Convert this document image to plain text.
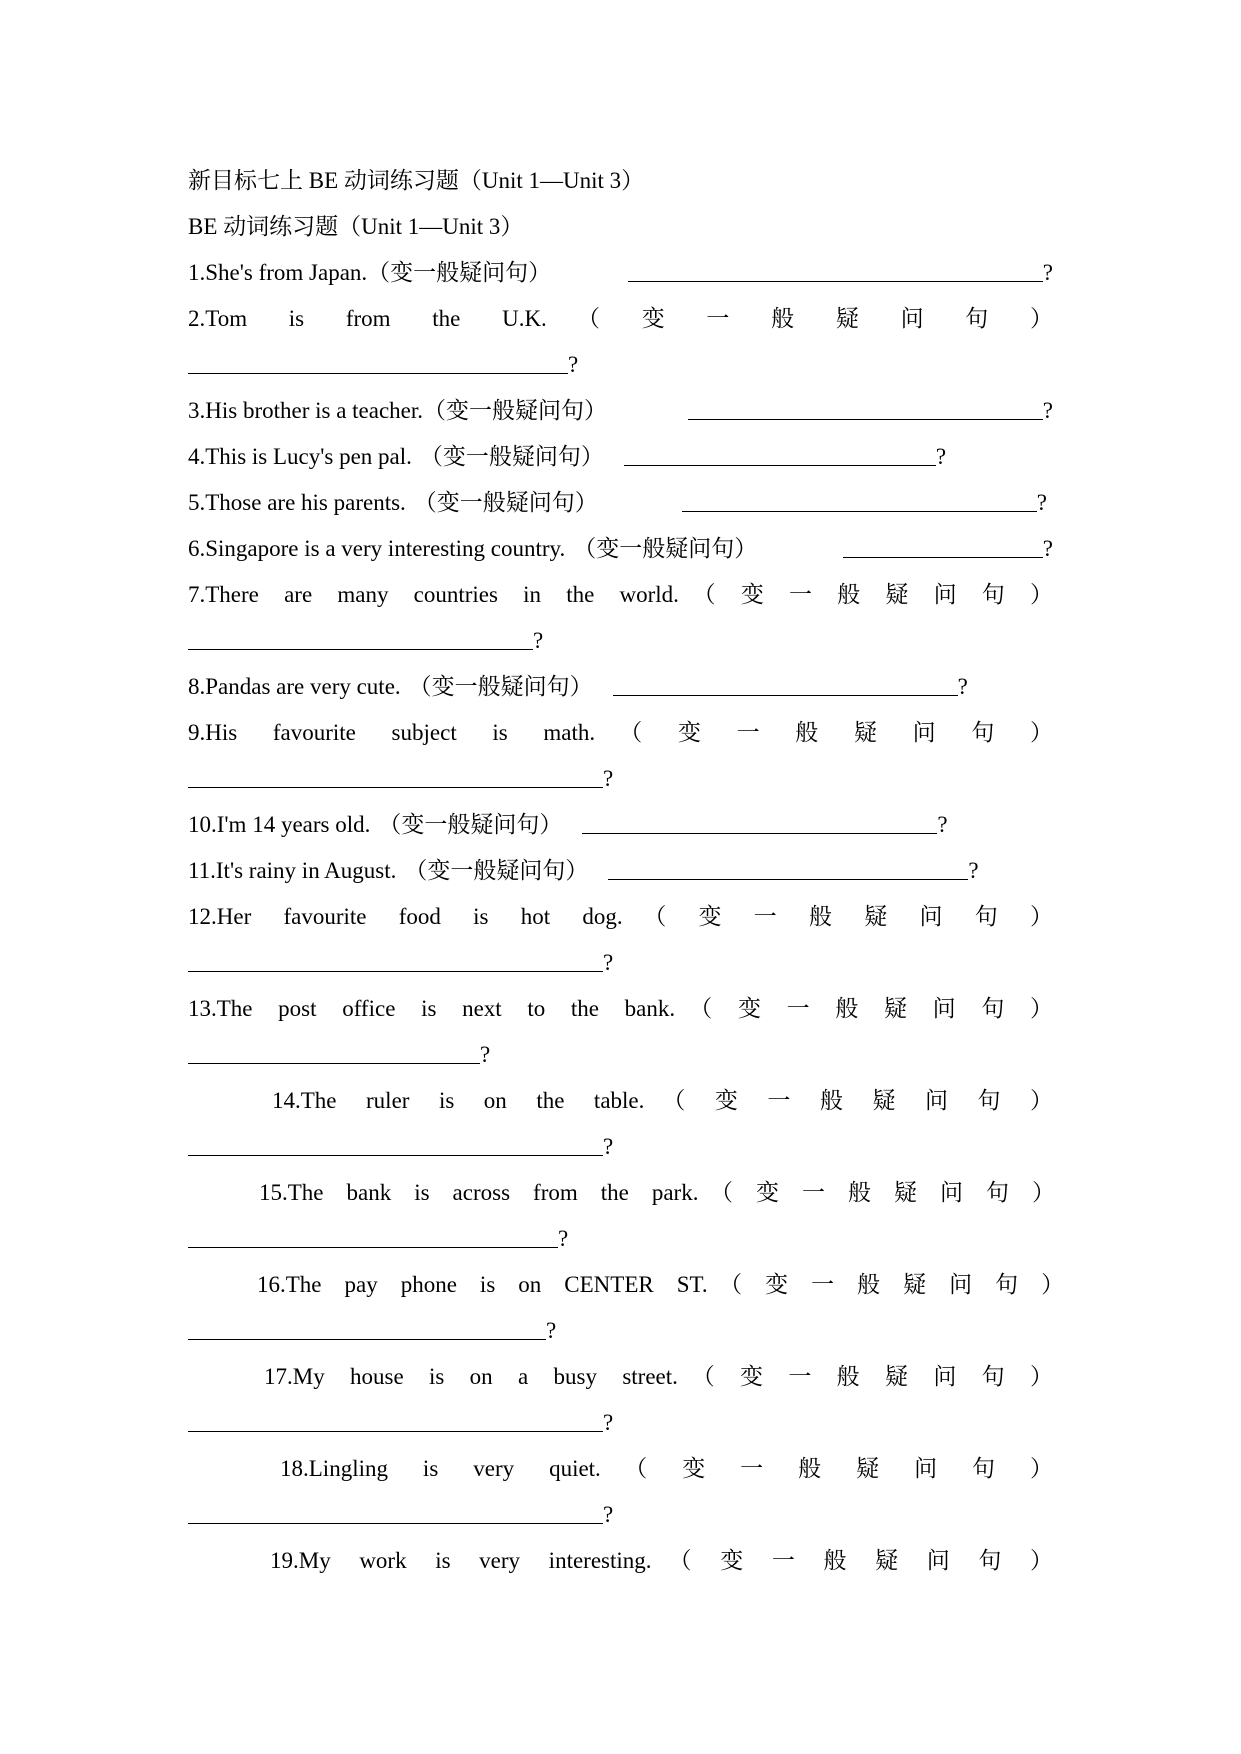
新目标七上 BE 动词练习题（Unit 1—Unit 3）
BE 动词练习题（Unit 1—Unit 3）
1.She's from Japan. （变一般疑问句）	?
2.Tom　is　from　the　U.K.　（　变　一　般　疑　问　句　）
?
3.His brother is a teacher. （变一般疑问句）	?
4.This is Lucy's pen pal. （变一般疑问句）	?
5.Those are his parents. （变一般疑问句）	?
6.Singapore is a very interesting country. （变一般疑问句）	?
7.There　are　many　countries　in　the　world.　（　变　一　般　疑　问　句　）
?
8.Pandas are very cute. （变一般疑问句）	?
9.His　favourite　subject　is　math.　（　变　一　般　疑　问　句　）
?
10.I'm 14 years old. （变一般疑问句）	?
11.It's rainy in August. （变一般疑问句）	?
12.Her　favourite　food　is　hot　dog.　（　变　一　般　疑　问　句　）
?
13.The　post　office　is　next　to　the　bank.　（　变　一　般　疑　问　句　）
?
14.The　ruler　is　on　the　table.　（　变　一　般　疑　问　句　）
?
15.The　bank　is　across　from　the　park.　（　变　一　般　疑　问　句　）
?
16.The　pay　phone　is　on　CENTER　ST.　（　变　一　般　疑　问　句　）
?
17.My　house　is　on　a　busy　street.　（　变　一　般　疑　问　句　）
?
18.Lingling　is　very　quiet.　（　变　一　般　疑　问　句　）
?
19.My　work　is　very　interesting.　（　变　一　般　疑　问　句　）
